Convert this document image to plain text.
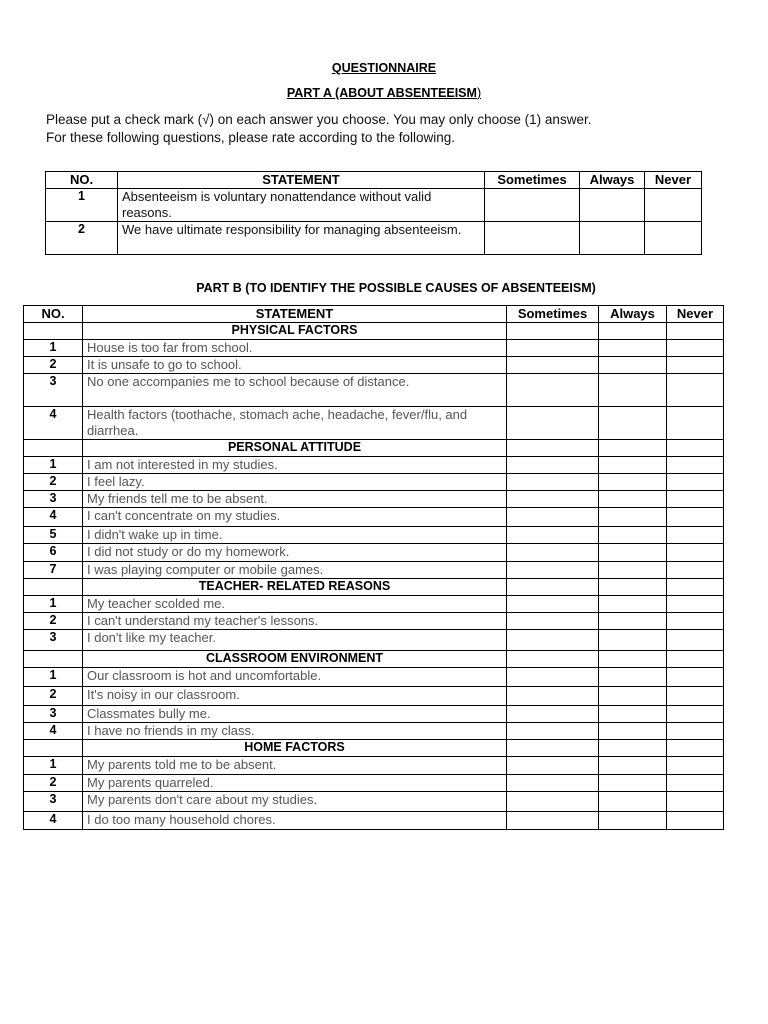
QUESTIONNAIRE
PART A (ABOUT ABSENTEEISM)
Please put a check mark (√) on each answer you choose. You may only choose (1) answer.
For these following questions, please rate according to the following.
NO.	STATEMENT	Sometimes	Always	Never
1	Absenteeism is voluntary nonattendance without valid reasons.			
2	We have ultimate responsibility for managing absenteeism.			
PART B (TO IDENTIFY THE POSSIBLE CAUSES OF ABSENTEEISM)
NO.	STATEMENT	Sometimes	Always	Never
	PHYSICAL FACTORS			
1	House is too far from school.			
2	It is unsafe to go to school.			
3	No one accompanies me to school because of distance.			
4	Health factors (toothache, stomach ache, headache, fever/flu, and diarrhea.			
	PERSONAL ATTITUDE			
1	I am not interested in my studies.			
2	I feel lazy.			
3	My friends tell me to be absent.			
4	I can't concentrate on my studies.			
5	I didn't wake up in time.			
6	I did not study or do my homework.			
7	I was playing computer or mobile games.			
	TEACHER- RELATED REASONS			
1	My teacher scolded me.			
2	I can't understand my teacher's lessons.			
3	I don't like my teacher.			
	CLASSROOM ENVIRONMENT			
1	Our classroom is hot and uncomfortable.			
2	It's noisy in our classroom.			
3	Classmates bully me.			
4	I have no friends in my class.			
	HOME FACTORS			
1	My parents told me to be absent.			
2	My parents quarreled.			
3	My parents don't care about my studies.			
4	I do too many household chores.			
